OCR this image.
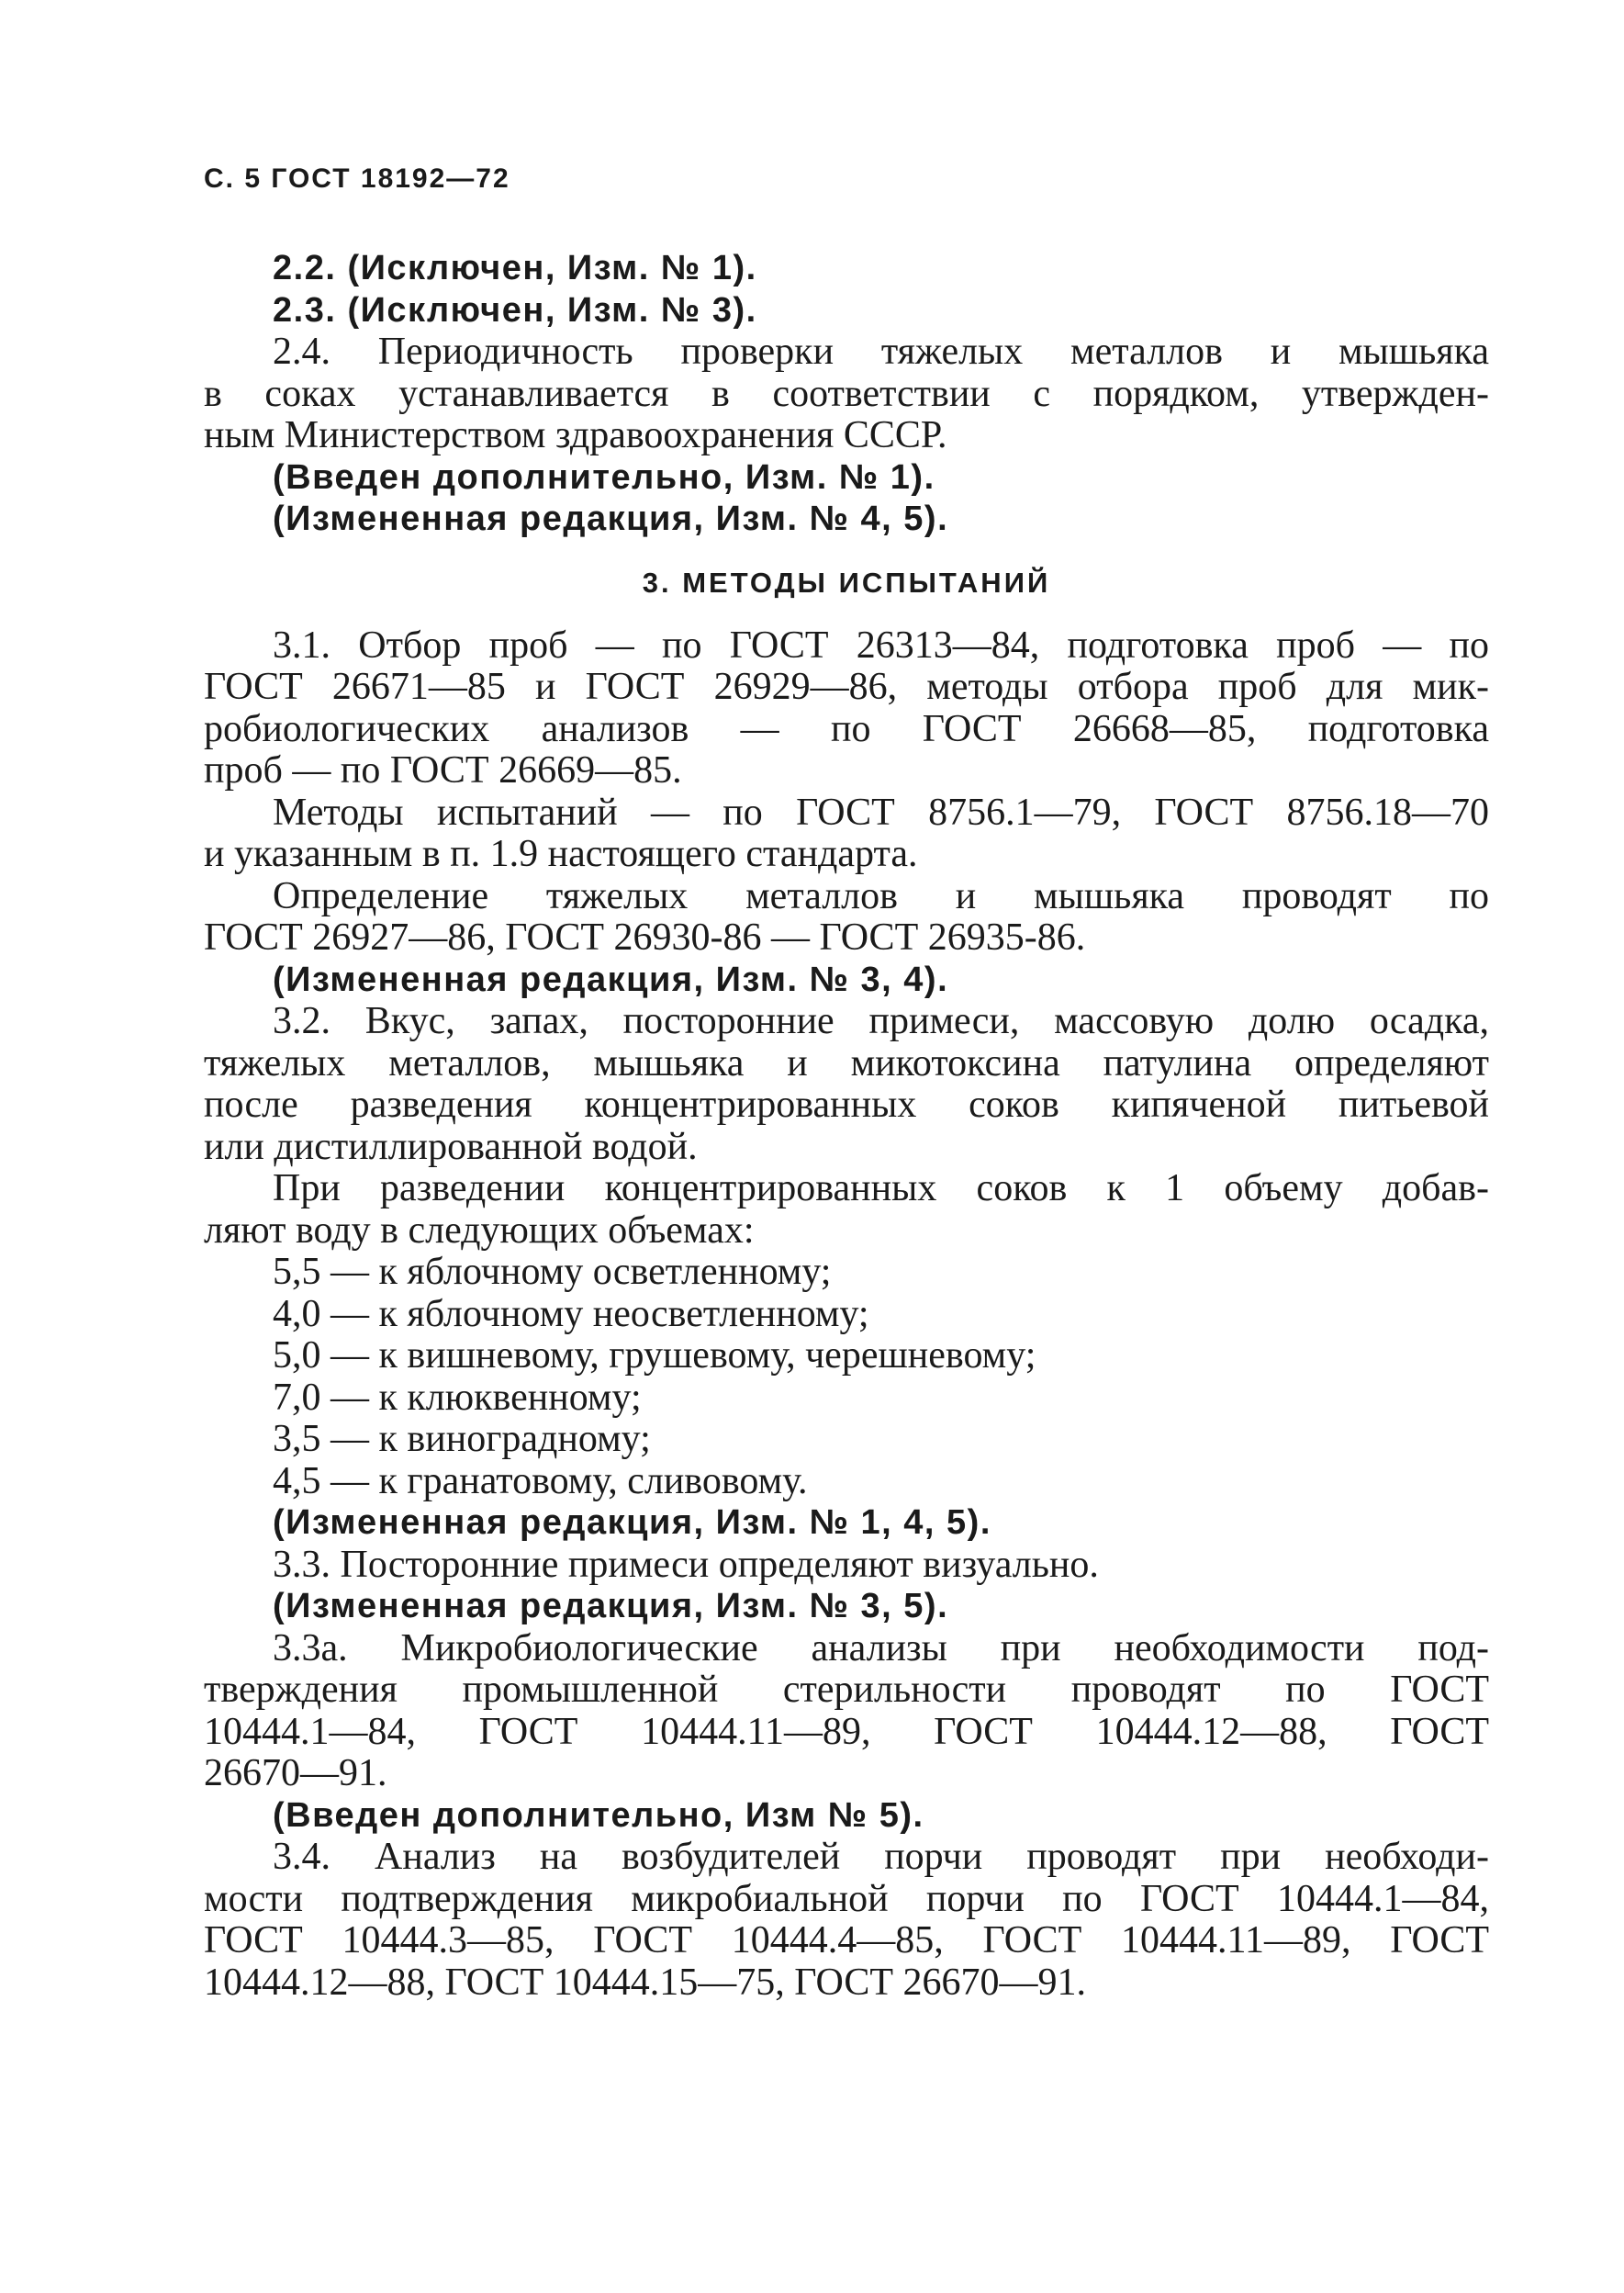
С. 5 ГОСТ 18192—72
2.2. (Исключен, Изм. № 1).
2.3. (Исключен, Изм. № 3).
2.4. Периодичность проверки тяжелых металлов и мышьяка
в соках устанавливается в соответствии с порядком, утвержден-
ным Министерством здравоохранения СССР.
(Введен дополнительно, Изм. № 1).
(Измененная редакция, Изм. № 4, 5).
3. МЕТОДЫ ИСПЫТАНИЙ
3.1. Отбор проб — по ГОСТ 26313—84, подготовка проб — по
ГОСТ 26671—85 и ГОСТ 26929—86, методы отбора проб для мик-
робиологических анализов — по ГОСТ 26668—85, подготовка
проб — по ГОСТ 26669—85.
Методы испытаний — по ГОСТ 8756.1—79, ГОСТ 8756.18—70
и указанным в п. 1.9 настоящего стандарта.
Определение тяжелых металлов и мышьяка проводят по
ГОСТ 26927—86, ГОСТ 26930-86 — ГОСТ 26935-86.
(Измененная редакция, Изм. № 3, 4).
3.2. Вкус, запах, посторонние примеси, массовую долю осадка,
тяжелых металлов, мышьяка и микотоксина патулина определяют
после разведения концентрированных соков кипяченой питьевой
или дистиллированной водой.
При разведении концентрированных соков к 1 объему добав-
ляют воду в следующих объемах:
5,5 — к яблочному осветленному;
4,0 — к яблочному неосветленному;
5,0 — к вишневому, грушевому, черешневому;
7,0 — к клюквенному;
3,5 — к виноградному;
4,5 — к гранатовому, сливовому.
(Измененная редакция, Изм. № 1, 4, 5).
3.3. Посторонние примеси определяют визуально.
(Измененная редакция, Изм. № 3, 5).
3.3а. Микробиологические анализы при необходимости под-
тверждения промышленной стерильности проводят по ГОСТ
10444.1—84, ГОСТ 10444.11—89, ГОСТ 10444.12—88, ГОСТ
26670—91.
(Введен дополнительно, Изм № 5).
3.4. Анализ на возбудителей порчи проводят при необходи-
мости подтверждения микробиальной порчи по ГОСТ 10444.1—84,
ГОСТ 10444.3—85, ГОСТ 10444.4—85, ГОСТ 10444.11—89, ГОСТ
10444.12—88, ГОСТ 10444.15—75, ГОСТ 26670—91.
